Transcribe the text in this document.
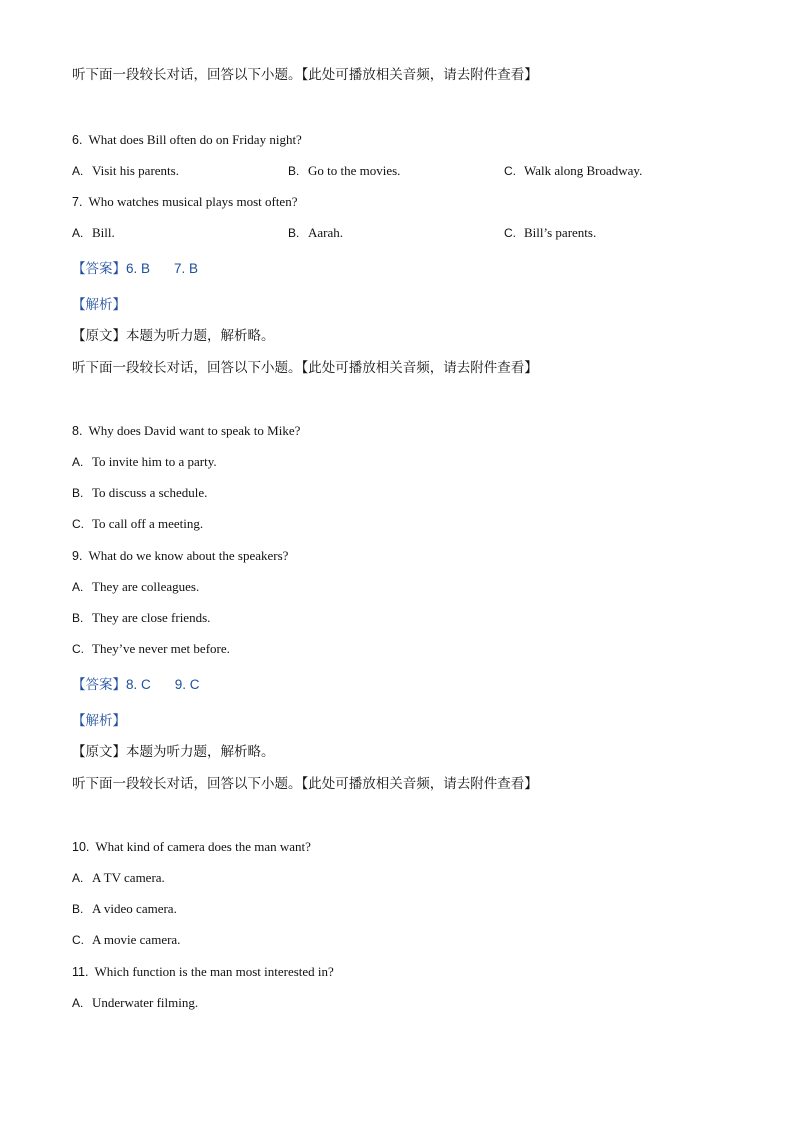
听下面一段较长对话，回答以下小题。【此处可播放相关音频，请去附件查看】
6. What does Bill often do on Friday night?
A. Visit his parents.	B. Go to the movies.	C. Walk along Broadway.
7. Who watches musical plays most often?
A. Bill.	B. Aarah.	C. Bill’s parents.
【答案】6. B 7. B
【解析】
【原文】本题为听力题，解析略。
听下面一段较长对话，回答以下小题。【此处可播放相关音频，请去附件查看】
8. Why does David want to speak to Mike?
A. To invite him to a party.
B. To discuss a schedule.
C. To call off a meeting.
9. What do we know about the speakers?
A. They are colleagues.
B. They are close friends.
C. They’ve never met before.
【答案】8. C 9. C
【解析】
【原文】本题为听力题，解析略。
听下面一段较长对话，回答以下小题。【此处可播放相关音频，请去附件查看】
10. What kind of camera does the man want?
A. A TV camera.
B. A video camera.
C. A movie camera.
11. Which function is the man most interested in?
A. Underwater filming.
